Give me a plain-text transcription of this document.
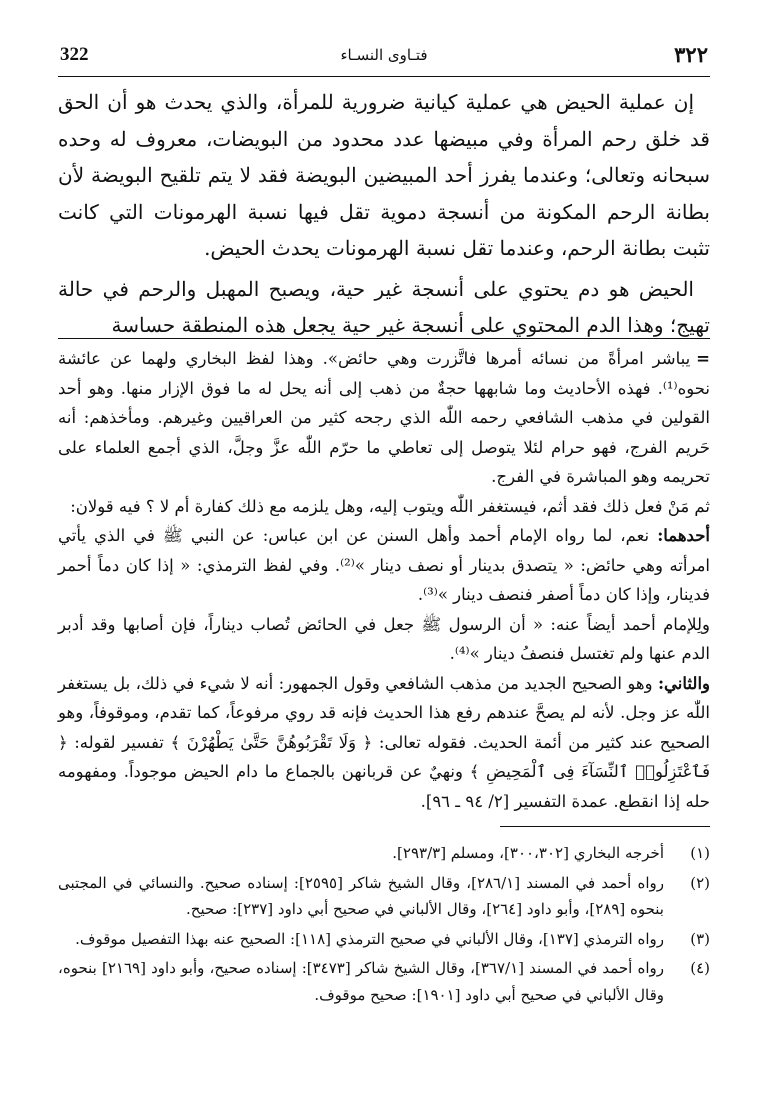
322	فتـاوى النسـاء	٣٢٢

إن عملية الحيض هي عملية كيانية ضرورية للمرأة، والذي يحدث هو أن الحق قد خلق رحم المرأة وفي مبيضها عدد محدود من البويضات، معروف له وحده سبحانه وتعالى؛ وعندما يفرز أحد المبيضين البويضة فقد لا يتم تلقيح البويضة لأن بطانة الرحم المكونة من أنسجة دموية تقل فيها نسبة الهرمونات التي كانت تثبت بطانة الرحم، وعندما تقل نسبة الهرمونات يحدث الحيض.

الحيض هو دم يحتوي على أنسجة غير حية، ويصبح المهبل والرحم في حالة تهيج؛ وهذا الدم المحتوي على أنسجة غير حية يجعل هذه المنطقة حساسة

=يباشر امرأةً من نسائه أمرها فاتَّزرت وهي حائض». وهذا لفظ البخاري ولهما عن عائشة نحوه⁽¹⁾. فهذه الأحاديث وما شابهها حجةٌ من ذهب إلى أنه يحل له ما فوق الإزار منها. وهو أحد القولين في مذهب الشافعي رحمه اللّٰه الذي رجحه كثير من العراقيين وغيرهم. ومأخذهم: أنه حَريم الفرج، فهو حرام لئلا يتوصل إلى تعاطي ما حرّم اللّٰه عزَّ وجلَّ، الذي أجمع العلماء على تحريمه وهو المباشرة في الفرج.

ثم مَنْ فعل ذلك فقد أثم، فيستغفر اللّٰه ويتوب إليه، وهل يلزمه مع ذلك كفارة أم لا ؟ فيه قولان:

أحدهما: نعم، لما رواه الإمام أحمد وأهل السنن عن ابن عباس: عن النبي ﷺ في الذي يأتي امرأته وهي حائض: « يتصدق بدينار أو نصف دينار »⁽²⁾. وفي لفظ الترمذي: « إذا كان دماً أحمر فدينار، وإذا كان دماً أصفر فنصف دينار »⁽³⁾.

ولِلإمام أحمد أيضاً عنه: « أن الرسول ﷺ جعل في الحائض تُصاب ديناراً، فإن أصابها وقد أدبر الدم عنها ولم تغتسل فنصفُ دينار »⁽⁴⁾.

والثاني: وهو الصحيح الجديد من مذهب الشافعي وقول الجمهور: أنه لا شيء في ذلك، بل يستغفر اللّٰه عز وجل. لأنه لم يصحَّ عندهم رفع هذا الحديث فإنه قد روي مرفوعاً، كما تقدم، وموقوفاً، وهو الصحيح عند كثير من أئمة الحديث. فقوله تعالى: ﴿ وَلَا تَقْرَبُوهُنَّ حَتَّىٰ يَطْهُرْنَ ﴾ تفسير لقوله: ﴿ فَٱعْتَزِلُوا۟ ٱلنِّسَآءَ فِى ٱلْمَحِيضِ ﴾ ونهيٌ عن قربانهن بالجماع ما دام الحيض موجوداً. ومفهومه حله إذا انقطع. عمدة التفسير [٢/ ٩٤ ـ ٩٦].

(١)
أخرجه البخاري [٣٠٠،٣٠٢]، ومسلم [٢٩٣/٣].
(٢)
رواه أحمد في المسند [٢٨٦/١]، وقال الشيخ شاكر [٢٥٩٥]: إسناده صحيح. والنسائي في المجتبى بنحوه [٢٨٩]، وأبو داود [٢٦٤]، وقال الألباني في صحيح أبي داود [٢٣٧]: صحيح.
(٣)
رواه الترمذي [١٣٧]، وقال الألباني في صحيح الترمذي [١١٨]: الصحيح عنه بهذا التفصيل موقوف.
(٤)
رواه أحمد في المسند [٣٦٧/١]، وقال الشيخ شاكر [٣٤٧٣]: إسناده صحيح، وأبو داود [٢١٦٩] بنحوه، وقال الألباني في صحيح أبي داود [١٩٠١]: صحيح موقوف.
